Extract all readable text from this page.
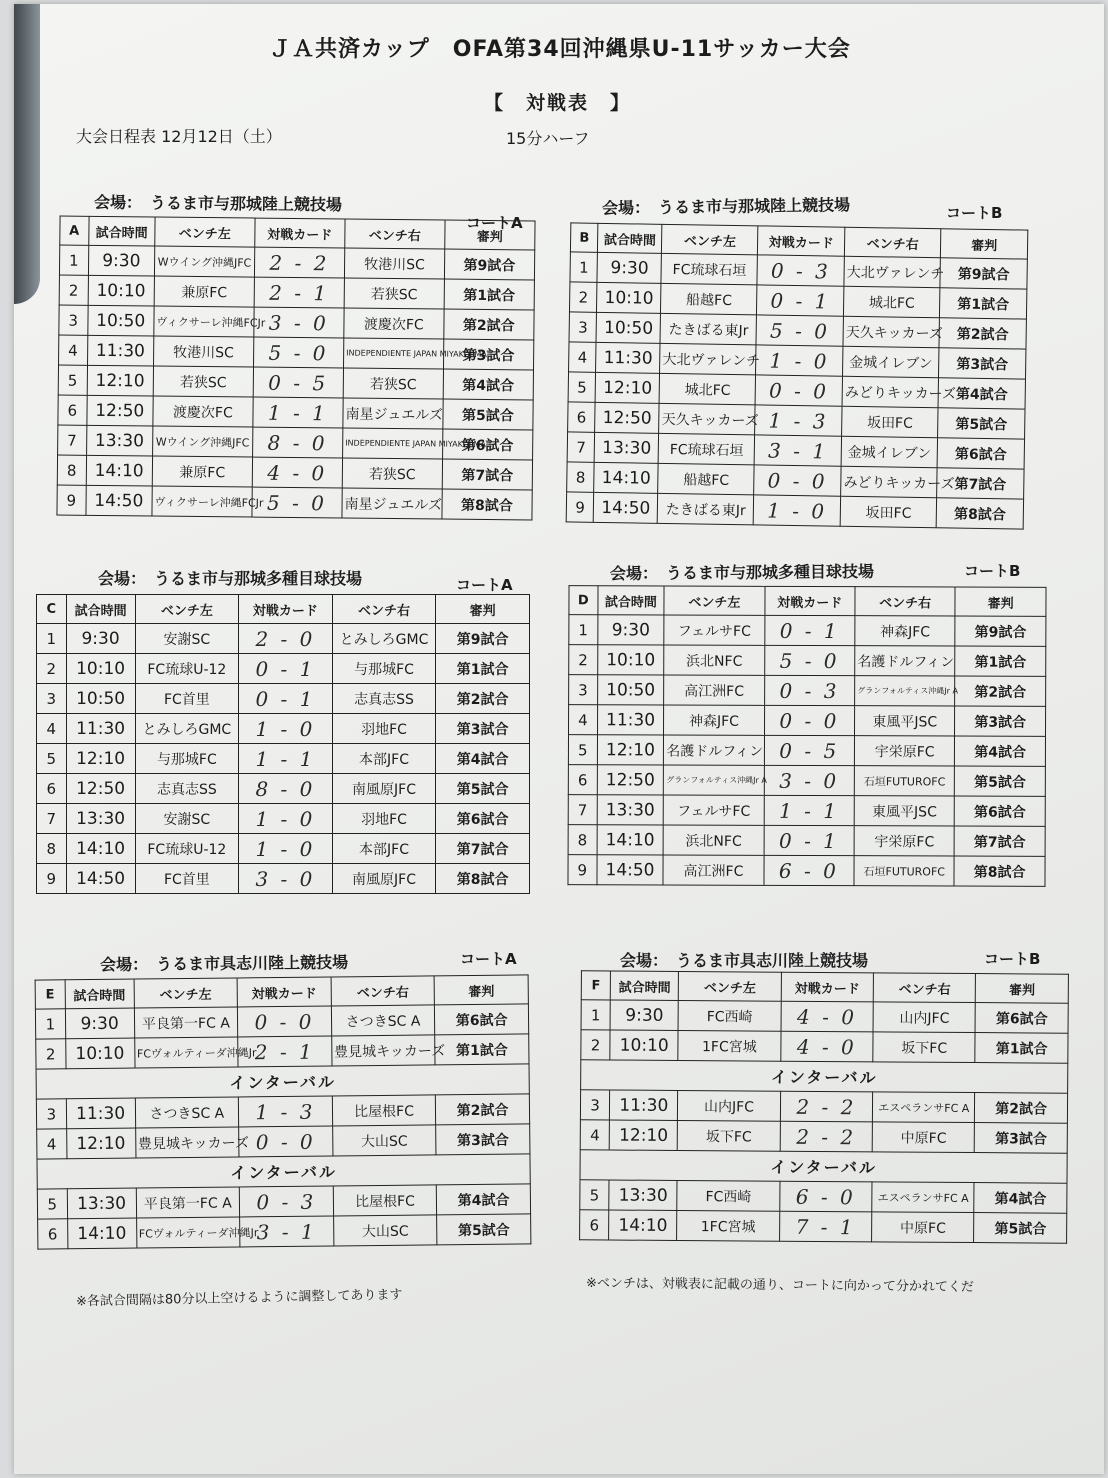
ＪＡ共済カップ　OFA第34回沖縄県U-11サッカー大会
【　対戦表　】
大会日程表 12月12日（土）	15分ハーフ
会場：　うるま市与那城陸上競技場
コートA
A	試合時間	ベンチ左	対戦カード	ベンチ右	審判
1	9:30	Wウイング沖縄JFC	2 - 2	牧港川SC	第9試合
2	10:10	兼原FC	2 - 1	若狭SC	第1試合
3	10:50	ヴィクサーレ沖縄FCJr	3 - 0	渡慶次FC	第2試合
4	11:30	牧港川SC	5 - 0	INDEPENDIENTE JAPAN MIYAKOJIMA	第3試合
5	12:10	若狭SC	0 - 5	若狭SC	第4試合
6	12:50	渡慶次FC	1 - 1	南星ジュエルズ	第5試合
7	13:30	Wウイング沖縄JFC	8 - 0	INDEPENDIENTE JAPAN MIYAKOJIMA	第6試合
8	14:10	兼原FC	4 - 0	若狭SC	第7試合
9	14:50	ヴィクサーレ沖縄FCJr	5 - 0	南星ジュエルズ	第8試合
会場：　うるま市与那城陸上競技場	コートB
B	試合時間	ベンチ左	対戦カード	ベンチ右	審判
1	9:30	FC琉球石垣	0 - 3	大北ヴァレンチ	第9試合
2	10:10	船越FC	0 - 1	城北FC	第1試合
3	10:50	たきばる東Jr	5 - 0	天久キッカーズ	第2試合
4	11:30	大北ヴァレンチ	1 - 0	金城イレブン	第3試合
5	12:10	城北FC	0 - 0	みどりキッカーズ	第4試合
6	12:50	天久キッカーズ	1 - 3	坂田FC	第5試合
7	13:30	FC琉球石垣	3 - 1	金城イレブン	第6試合
8	14:10	船越FC	0 - 0	みどりキッカーズ	第7試合
9	14:50	たきばる東Jr	1 - 0	坂田FC	第8試合
会場：　うるま市与那城多種目球技場	コートA
C	試合時間	ベンチ左	対戦カード	ベンチ右	審判
1	9:30	安謝SC	2 - 0	とみしろGMC	第9試合
2	10:10	FC琉球U-12	0 - 1	与那城FC	第1試合
3	10:50	FC首里	0 - 1	志真志SS	第2試合
4	11:30	とみしろGMC	1 - 0	羽地FC	第3試合
5	12:10	与那城FC	1 - 1	本部JFC	第4試合
6	12:50	志真志SS	8 - 0	南風原JFC	第5試合
7	13:30	安謝SC	1 - 0	羽地FC	第6試合
8	14:10	FC琉球U-12	1 - 0	本部JFC	第7試合
9	14:50	FC首里	3 - 0	南風原JFC	第8試合
会場：　うるま市与那城多種目球技場	コートB
D	試合時間	ベンチ左	対戦カード	ベンチ右	審判
1	9:30	フェルサFC	0 - 1	神森JFC	第9試合
2	10:10	浜北NFC	5 - 0	名護ドルフィン	第1試合
3	10:50	高江洲FC	0 - 3	グランフォルティス沖縄Jr A	第2試合
4	11:30	神森JFC	0 - 0	東風平JSC	第3試合
5	12:10	名護ドルフィン	0 - 5	宇栄原FC	第4試合
6	12:50	グランフォルティス沖縄Jr A	3 - 0	石垣FUTUROFC	第5試合
7	13:30	フェルサFC	1 - 1	東風平JSC	第6試合
8	14:10	浜北NFC	0 - 1	宇栄原FC	第7試合
9	14:50	高江洲FC	6 - 0	石垣FUTUROFC	第8試合
会場：　うるま市具志川陸上競技場	コートA
E	試合時間	ベンチ左	対戦カード	ベンチ右	審判
1	9:30	平良第一FC A	0 - 0	さつきSC A	第6試合
2	10:10	FCヴォルティーダ沖縄Jr	2 - 1	豊見城キッカーズ	第1試合
インターバル					
3	11:30	さつきSC A	1 - 3	比屋根FC	第2試合
4	12:10	豊見城キッカーズ	0 - 0	大山SC	第3試合
インターバル					
5	13:30	平良第一FC A	0 - 3	比屋根FC	第4試合
6	14:10	FCヴォルティーダ沖縄Jr	3 - 1	大山SC	第5試合
会場：　うるま市具志川陸上競技場	コートB
F	試合時間	ベンチ左	対戦カード	ベンチ右	審判
1	9:30	FC西崎	4 - 0	山内JFC	第6試合
2	10:10	1FC宮城	4 - 0	坂下FC	第1試合
インターバル					
3	11:30	山内JFC	2 - 2	エスペランサFC A	第2試合
4	12:10	坂下FC	2 - 2	中原FC	第3試合
インターバル					
5	13:30	FC西崎	6 - 0	エスペランサFC A	第4試合
6	14:10	1FC宮城	7 - 1	中原FC	第5試合
※各試合間隔は80分以上空けるように調整してあります
※ベンチは、対戦表に記載の通り、コートに向かって分かれてくだ
